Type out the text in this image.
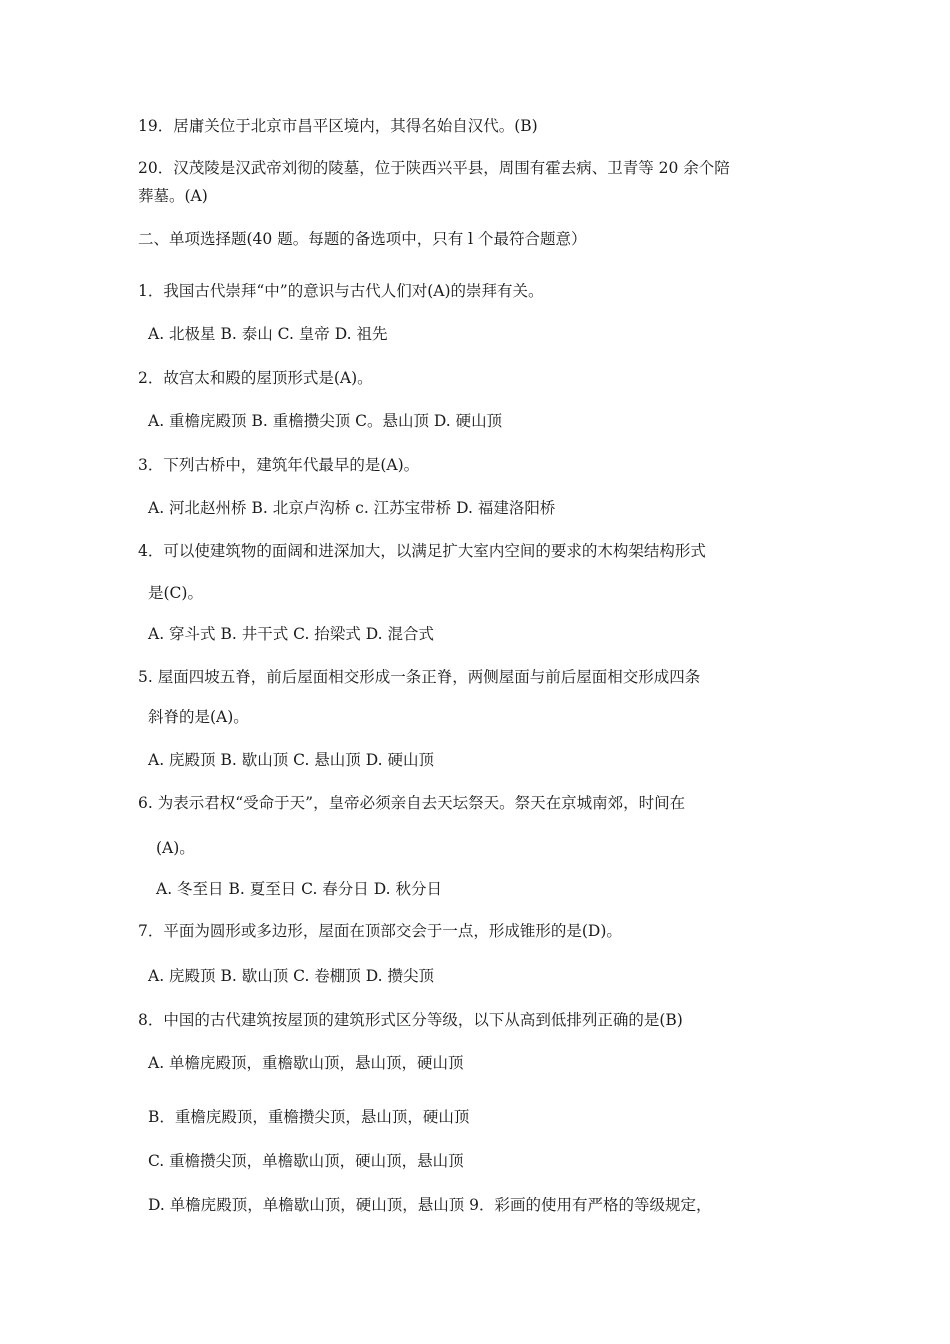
19．居庸关位于北京市昌平区境内，其得名始自汉代。(B)
20．汉茂陵是汉武帝刘彻的陵墓，位于陕西兴平县，周围有霍去病、卫青等 20 余个陪
葬墓。(A)
二、单项选择题(40 题。每题的备选项中，只有 l 个最符合题意）
1．我国古代崇拜“中”的意识与古代人们对(A)的崇拜有关。
A. 北极星 B. 泰山 C. 皇帝 D. 祖先
2．故宫太和殿的屋顶形式是(A)。
A. 重檐庑殿顶 B. 重檐攒尖顶 C。悬山顶 D. 硬山顶
3．下列古桥中，建筑年代最早的是(A)。
A. 河北赵州桥 B. 北京卢沟桥 c. 江苏宝带桥 D. 福建洛阳桥
4．可以使建筑物的面阔和进深加大，以满足扩大室内空间的要求的木构架结构形式
是(C)。
A. 穿斗式 B. 井干式 C. 抬梁式 D. 混合式
5. 屋面四坡五脊，前后屋面相交形成一条正脊，两侧屋面与前后屋面相交形成四条
斜脊的是(A)。
A. 庑殿顶 B. 歇山顶 C. 悬山顶 D. 硬山顶
6. 为表示君权“受命于天”，皇帝必须亲自去天坛祭天。祭天在京城南郊，时间在
(A)。
A. 冬至日 B. 夏至日 C. 春分日 D. 秋分日
7．平面为圆形或多边形，屋面在顶部交会于一点，形成锥形的是(D)。
A. 庑殿顶 B. 歇山顶 C. 卷棚顶 D. 攒尖顶
8．中国的古代建筑按屋顶的建筑形式区分等级，以下从高到低排列正确的是(B)
A. 单檐庑殿顶，重檐歇山顶，悬山顶，硬山顶
B．重檐庑殿顶，重檐攒尖顶，悬山顶，硬山顶
C. 重檐攒尖顶，单檐歇山顶，硬山顶，悬山顶
D. 单檐庑殿顶，单檐歇山顶，硬山顶，悬山顶 9．彩画的使用有严格的等级规定，
